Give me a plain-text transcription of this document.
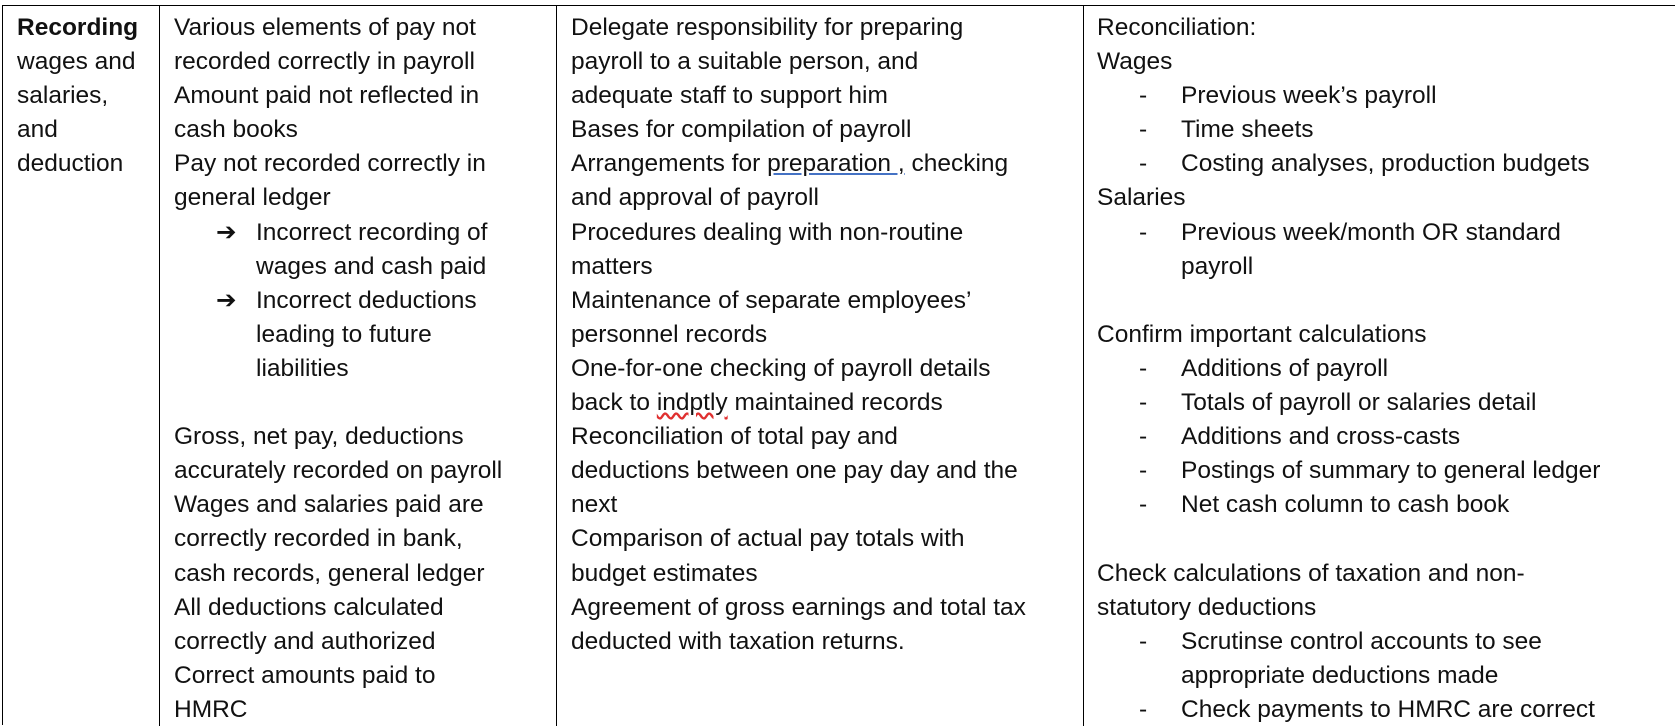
Recording
wages and
salaries,
and
deduction
Various elements of pay not
recorded correctly in payroll
Amount paid not reflected in
cash books
Pay not recorded correctly in
general ledger
➔ Incorrect recording of
wages and cash paid
➔ Incorrect deductions
leading to future
liabilities
Gross, net pay, deductions
accurately recorded on payroll
Wages and salaries paid are
correctly recorded in bank,
cash records, general ledger
All deductions calculated
correctly and authorized
Correct amounts paid to
HMRC
Delegate responsibility for preparing
payroll to a suitable person, and
adequate staff to support him
Bases for compilation of payroll
Arrangements for preparation , checking
and approval of payroll
Procedures dealing with non-routine
matters
Maintenance of separate employees’
personnel records
One-for-one checking of payroll details
back to indptly maintained records
Reconciliation of total pay and
deductions between one pay day and the
next
Comparison of actual pay totals with
budget estimates
Agreement of gross earnings and total tax
deducted with taxation returns.
Reconciliation:
Wages
- Previous week’s payroll
- Time sheets
- Costing analyses, production budgets
Salaries
- Previous week/month OR standard
payroll
Confirm important calculations
- Additions of payroll
- Totals of payroll or salaries detail
- Additions and cross-casts
- Postings of summary to general ledger
- Net cash column to cash book
Check calculations of taxation and non-
statutory deductions
- Scrutinse control accounts to see
appropriate deductions made
- Check payments to HMRC are correct
